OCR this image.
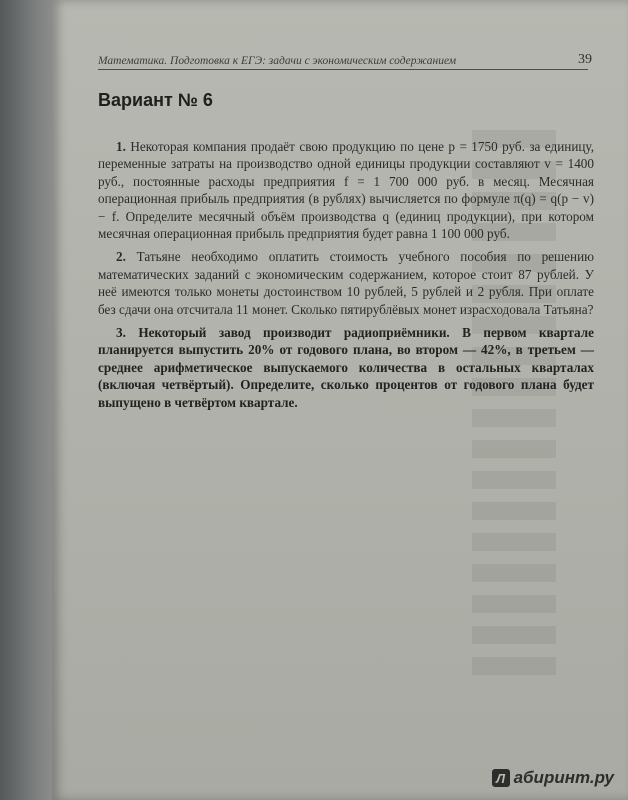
Математика. Подготовка к ЕГЭ: задачи с экономическим содержанием	39
Вариант № 6

1. Некоторая компания продаёт свою продукцию по цене p = 1750 руб. за единицу, переменные затраты на производство одной единицы продукции составляют v = 1400 руб., постоянные расходы предприятия f = 1 700 000 руб. в месяц. Месячная операционная прибыль предприятия (в рублях) вычисляется по формуле π(q) = q(p − v) − f. Определите месячный объём производства q (единиц продукции), при котором месячная операционная прибыль предприятия будет равна 1 100 000 руб.

2. Татьяне необходимо оплатить стоимость учебного пособия по решению математических заданий с экономическим содержанием, которое стоит 87 рублей. У неё имеются только монеты достоинством 10 рублей, 5 рублей и 2 рубля. При оплате без сдачи она отсчитала 11 монет. Сколько пятирублёвых монет израсходовала Татьяна?

3. Некоторый завод производит радиоприёмники. В первом квартале планируется выпустить 20% от годового плана, во втором — 42%, в третьем — среднее арифметическое выпускаемого количества в остальных кварталах (включая четвёртый). Определите, сколько процентов от годового плана будет выпущено в четвёртом квартале.

Л абиринт.ру
